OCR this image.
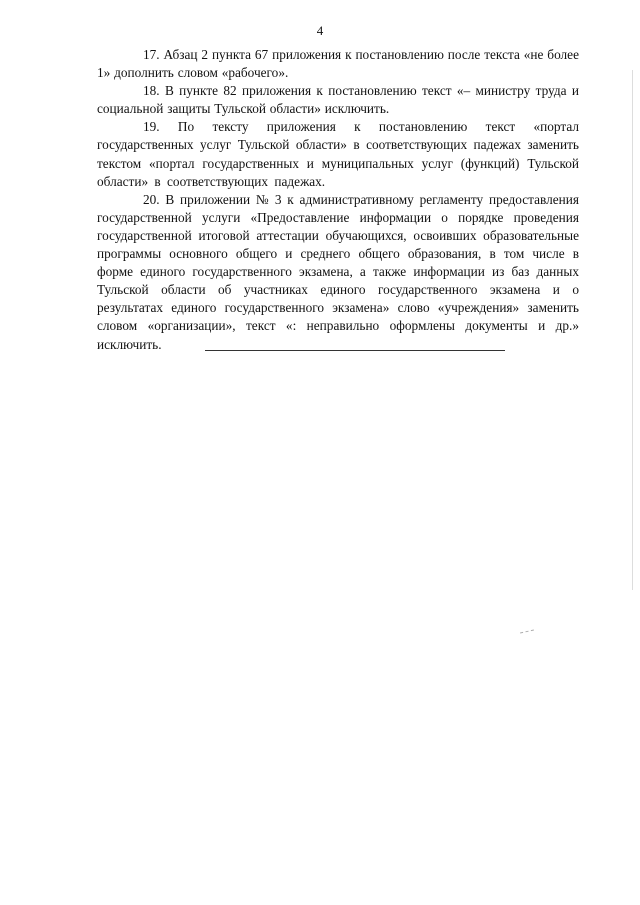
4

17. Абзац 2 пункта 67 приложения к постановлению после текста «не более 1» дополнить словом «рабочего».

18. В пункте 82 приложения к постановлению текст «– министру труда и социальной защиты Тульской области» исключить.

19. По тексту приложения к постановлению текст «портал государственных услуг Тульской области» в соответствующих падежах заменить текстом «портал государственных и муниципальных услуг (функций) Тульской области» в соответствующих падежах.

20. В приложении № 3 к административному регламенту предоставления государственной услуги «Предоставление информации о порядке проведения государственной итоговой аттестации обучающихся, освоивших образовательные программы основного общего и среднего общего образования, в том числе в форме единого государственного экзамена, а также информации из баз данных Тульской области об участниках единого государственного экзамена и о результатах единого государственного экзамена» слово «учреждения» заменить словом «организации», текст «: неправильно оформлены документы и др.» исключить.
